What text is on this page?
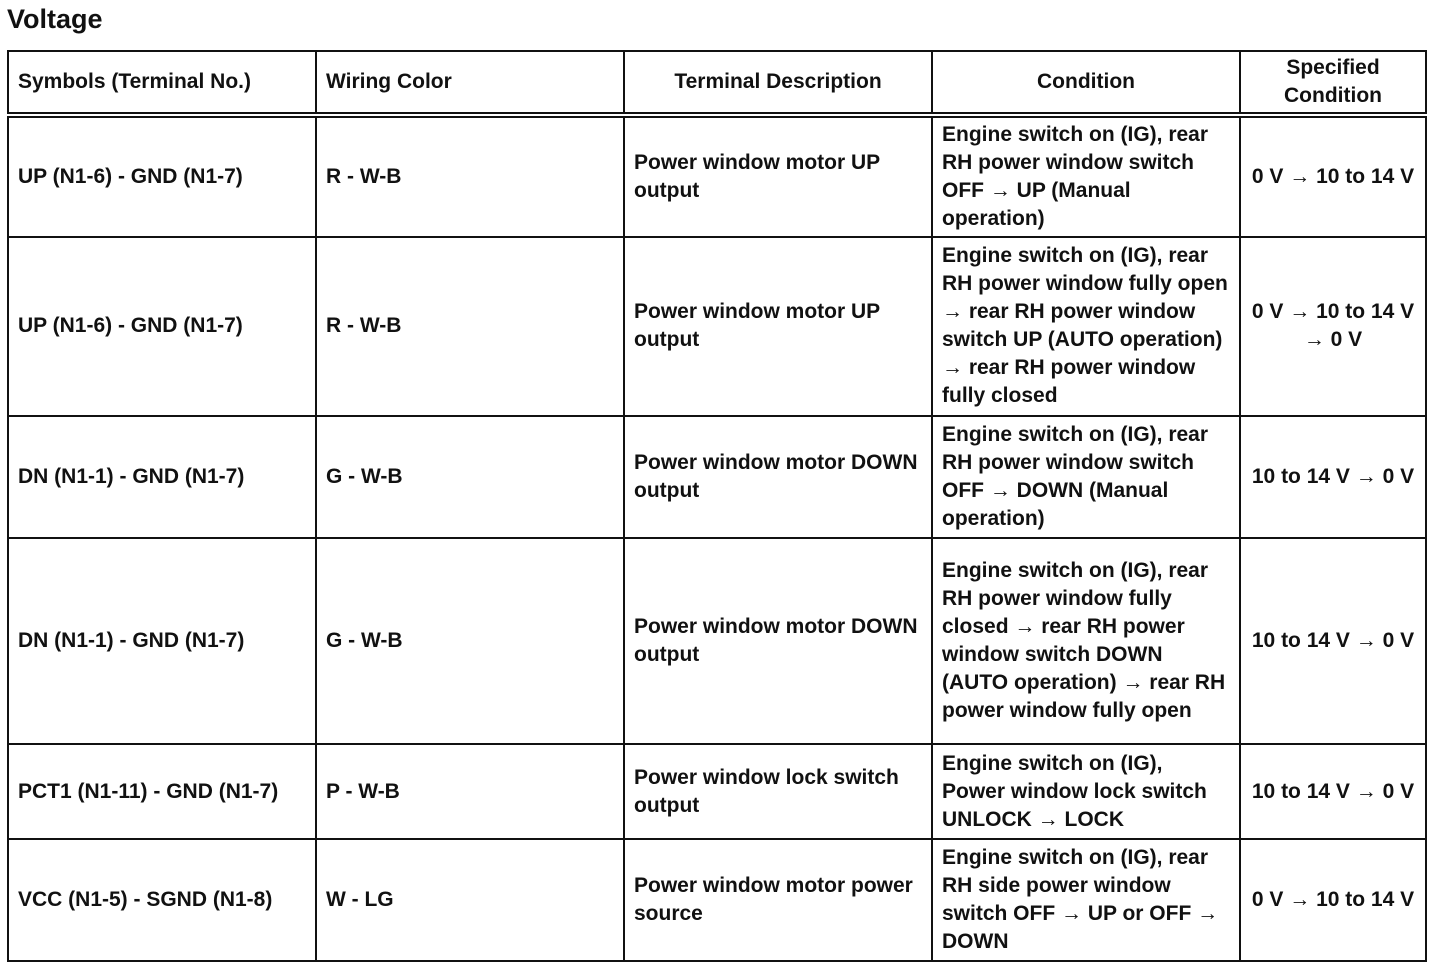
Voltage
Symbols (Terminal No.)	Wiring Color	Terminal Description	Condition	Specified Condition
UP (N1-6) - GND (N1-7)	R - W-B	Power window motor UP output	Engine switch on (IG), rear RH power window switch OFF → UP (Manual operation)	0 V → 10 to 14 V
UP (N1-6) - GND (N1-7)	R - W-B	Power window motor UP output	Engine switch on (IG), rear RH power window fully open → rear RH power window switch UP (AUTO operation) → rear RH power window fully closed	0 V → 10 to 14 V → 0 V
DN (N1-1) - GND (N1-7)	G - W-B	Power window motor DOWN output	Engine switch on (IG), rear RH power window switch OFF → DOWN (Manual operation)	10 to 14 V → 0 V
DN (N1-1) - GND (N1-7)	G - W-B	Power window motor DOWN output	Engine switch on (IG), rear RH power window fully closed → rear RH power window switch DOWN (AUTO operation) → rear RH power window fully open	10 to 14 V → 0 V
PCT1 (N1-11) - GND (N1-7)	P - W-B	Power window lock switch output	Engine switch on (IG), Power window lock switch UNLOCK → LOCK	10 to 14 V → 0 V
VCC (N1-5) - SGND (N1-8)	W - LG	Power window motor power source	Engine switch on (IG), rear RH side power window switch OFF → UP or OFF → DOWN	0 V → 10 to 14 V
